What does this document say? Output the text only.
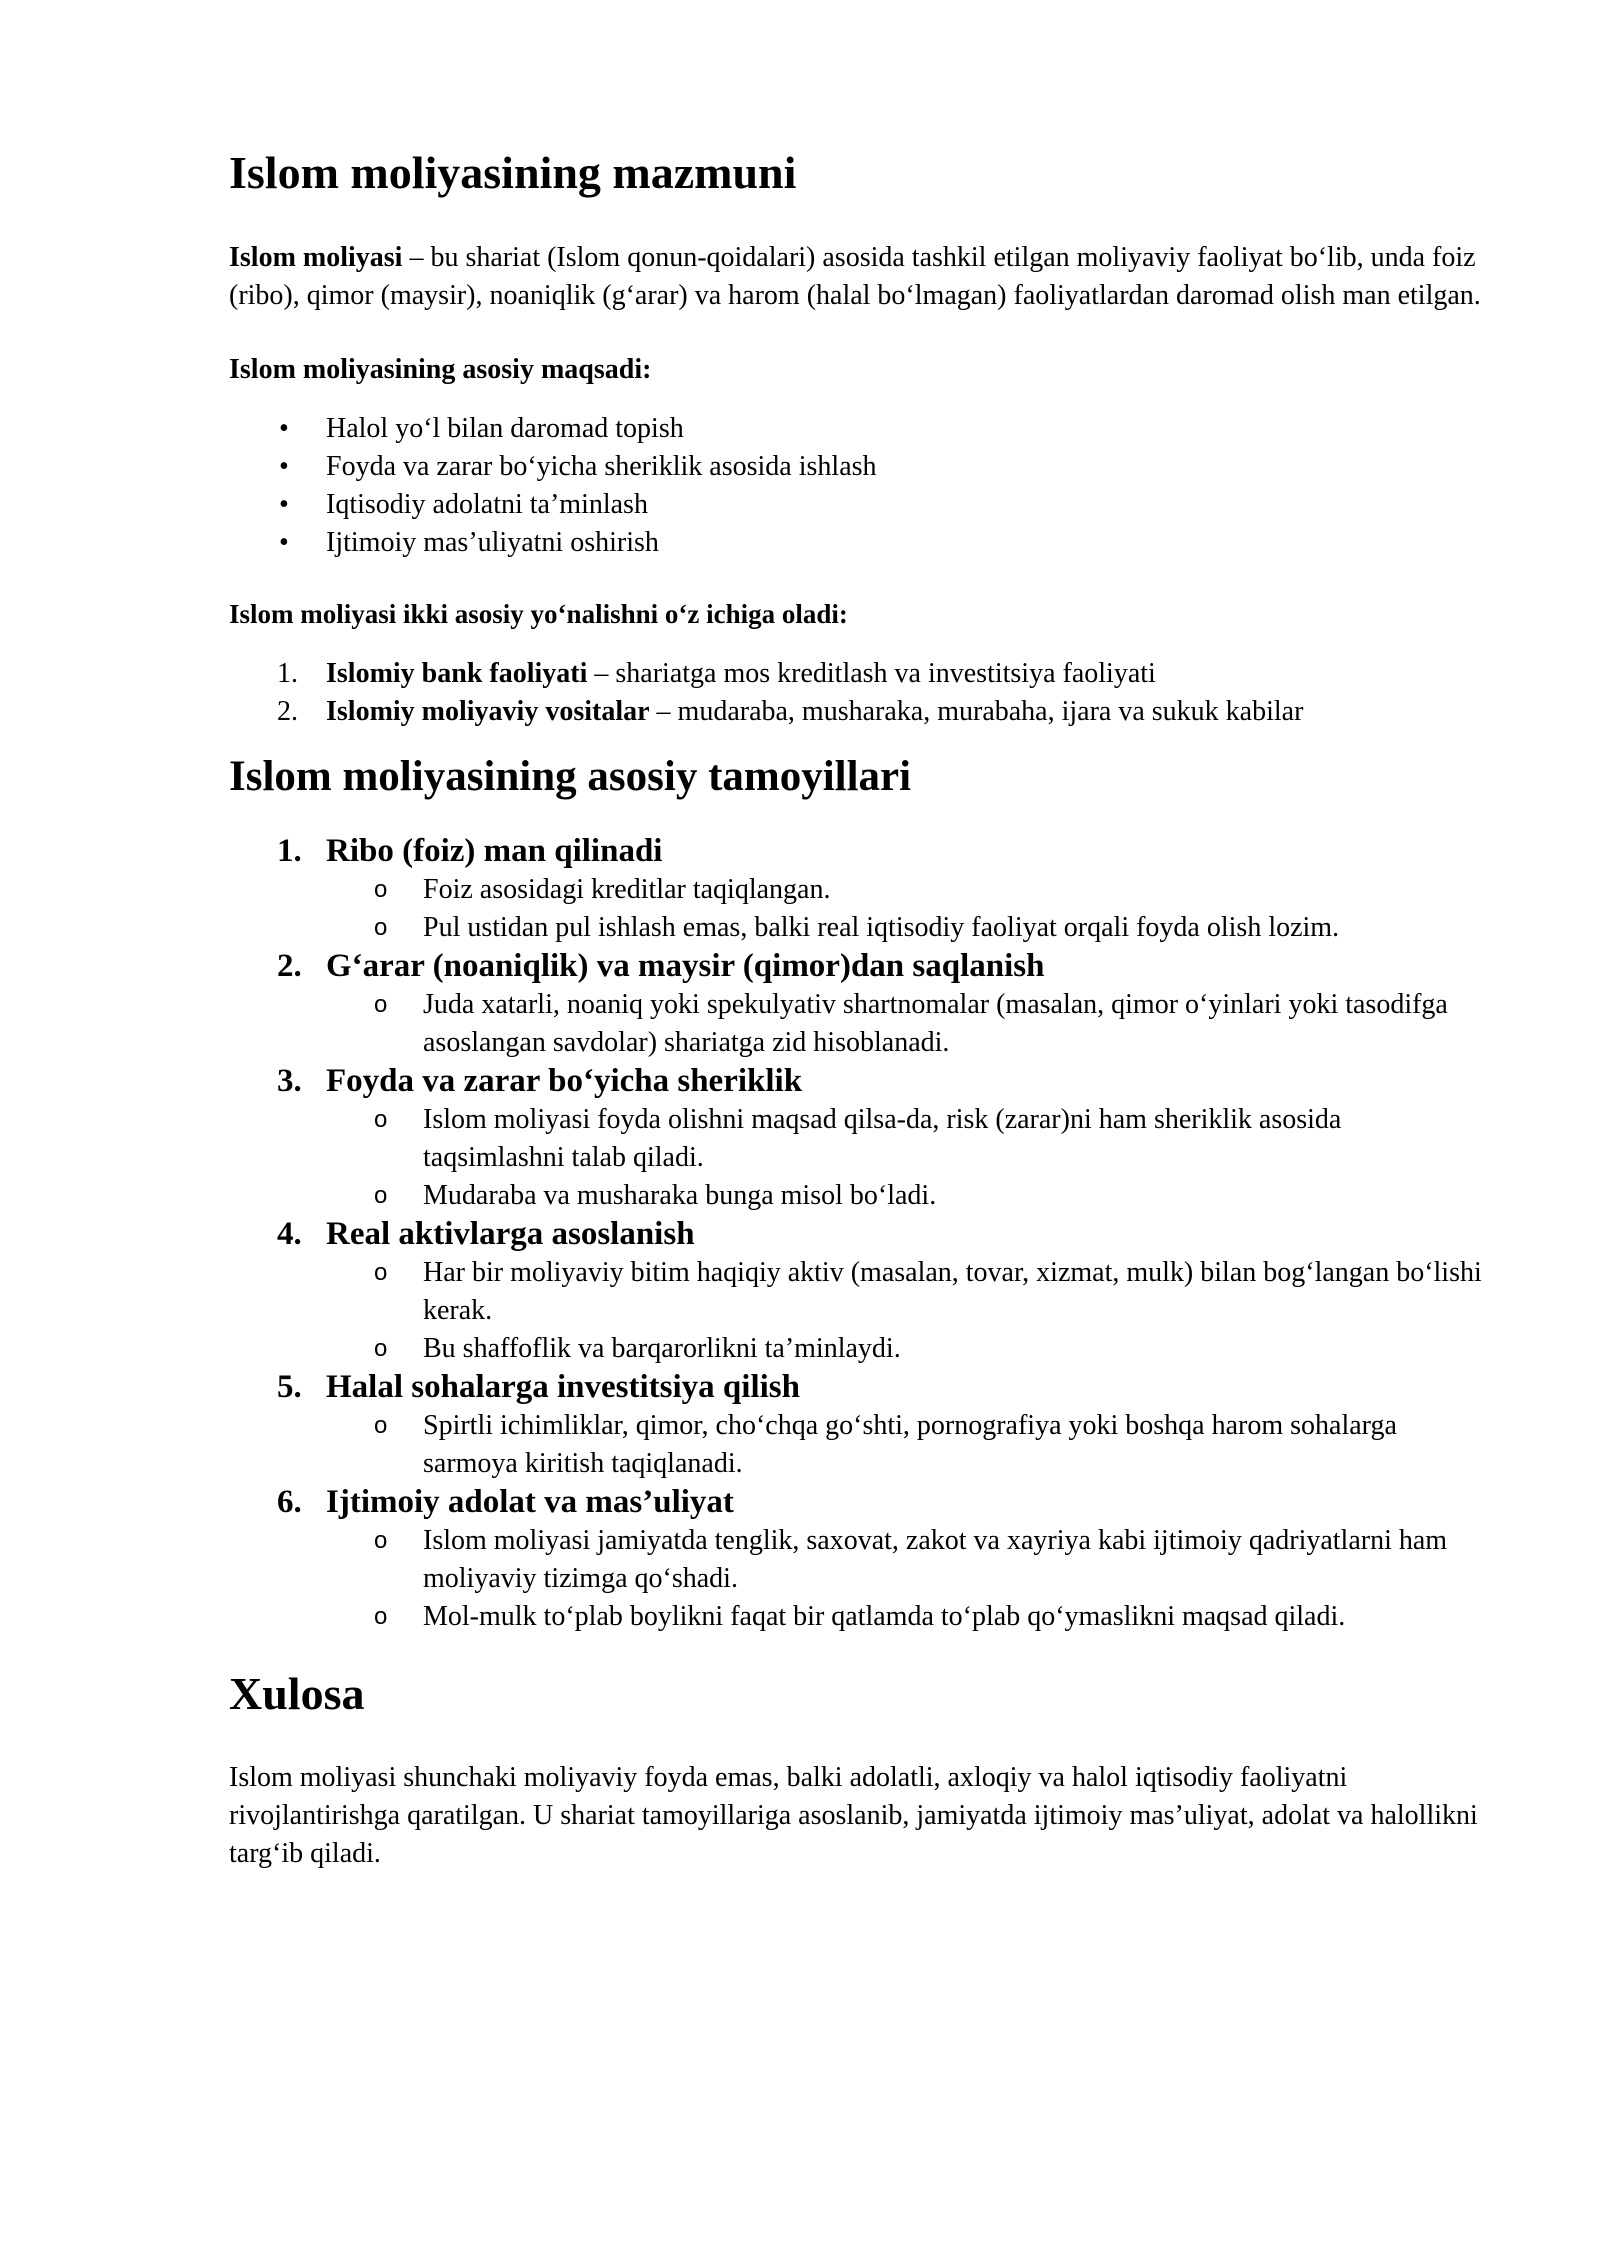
Islom moliyasining mazmuni

Islom moliyasi – bu shariat (Islom qonun-qoidalari) asosida tashkil etilgan moliyaviy faoliyat bo‘lib, unda foiz (ribo), qimor (maysir), noaniqlik (g‘arar) va harom (halal bo‘lmagan) faoliyatlardan daromad olish man etilgan.

Islom moliyasining asosiy maqsadi:
• Halol yo‘l bilan daromad topish
• Foyda va zarar bo‘yicha sheriklik asosida ishlash
• Iqtisodiy adolatni ta’minlash
• Ijtimoiy mas’uliyatni oshirish
Islom moliyasi ikki asosiy yo‘nalishni o‘z ichiga oladi:
1. Islomiy bank faoliyati – shariatga mos kreditlash va investitsiya faoliyati
2. Islomiy moliyaviy vositalar – mudaraba, musharaka, murabaha, ijara va sukuk kabilar
Islom moliyasining asosiy tamoyillari
1. Ribo (foiz) man qilinadi
o Foiz asosidagi kreditlar taqiqlangan.
o Pul ustidan pul ishlash emas, balki real iqtisodiy faoliyat orqali foyda olish lozim.
2. G‘arar (noaniqlik) va maysir (qimor)dan saqlanish
o Juda xatarli, noaniq yoki spekulyativ shartnomalar (masalan, qimor o‘yinlari yoki tasodifga asoslangan savdolar) shariatga zid hisoblanadi.
3. Foyda va zarar bo‘yicha sheriklik
o Islom moliyasi foyda olishni maqsad qilsa-da, risk (zarar)ni ham sheriklik asosida taqsimlashni talab qiladi.
o Mudaraba va musharaka bunga misol bo‘ladi.
4. Real aktivlarga asoslanish
o Har bir moliyaviy bitim haqiqiy aktiv (masalan, tovar, xizmat, mulk) bilan bog‘langan bo‘lishi kerak.
o Bu shaffoflik va barqarorlikni ta’minlaydi.
5. Halal sohalarga investitsiya qilish
o Spirtli ichimliklar, qimor, cho‘chqa go‘shti, pornografiya yoki boshqa harom sohalarga sarmoya kiritish taqiqlanadi.
6. Ijtimoiy adolat va mas’uliyat
o Islom moliyasi jamiyatda tenglik, saxovat, zakot va xayriya kabi ijtimoiy qadriyatlarni ham moliyaviy tizimga qo‘shadi.
o Mol-mulk to‘plab boylikni faqat bir qatlamda to‘plab qo‘ymaslikni maqsad qiladi.
Xulosa

Islom moliyasi shunchaki moliyaviy foyda emas, balki adolatli, axloqiy va halol iqtisodiy faoliyatni rivojlantirishga qaratilgan. U shariat tamoyillariga asoslanib, jamiyatda ijtimoiy mas’uliyat, adolat va halollikni targ‘ib qiladi.
